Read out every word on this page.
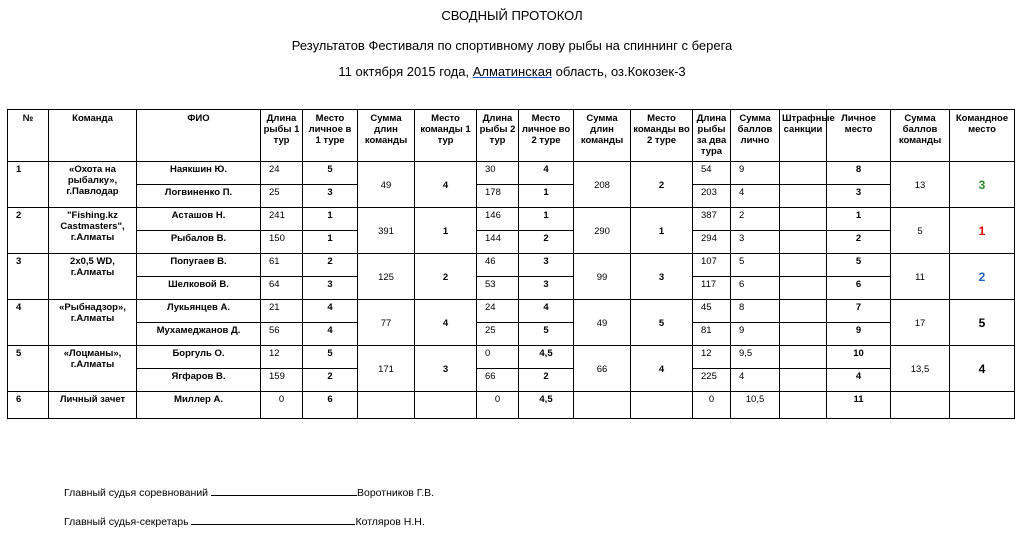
СВОДНЫЙ ПРОТОКОЛ
Результатов Фестиваля по спортивному лову рыбы на спиннинг с берега
11 октября 2015 года, Алматинская область, оз.Кокозек-3
№	Команда	ФИО	Длина рыбы 1 тур	Место личное в 1 туре	Сумма длин команды	Место команды 1 тур	Длина рыбы 2 тур	Место личное во 2 туре	Сумма длин команды	Место команды во 2 туре	Длина рыбы за два тура	Сумма баллов лично	Штрафные санкции	Личное место	Сумма баллов команды	Командное место
1	«Охота на рыбалку», г.Павлодар	Наякшин Ю.	24	5	49	4	30	4	208	2	54	9		8	13	3
		Логвиненко П.	25	3			178	1			203	4		3		
2	"Fishing.kz Castmasters", г.Алматы	Асташов Н.	241	1	391	1	146	1	290	1	387	2		1	5	1
		Рыбалов В.	150	1			144	2			294	3		2		
3	2x0,5 WD, г.Алматы	Попугаев В.	61	2	125	2	46	3	99	3	107	5		5	11	2
		Шелковой В.	64	3			53	3			117	6		6		
4	«Рыбнадзор», г.Алматы	Лукьянцев А.	21	4	77	4	24	4	49	5	45	8		7	17	5
		Мухамеджанов Д.	56	4			25	5			81	9		9		
5	«Лоцманы», г.Алматы	Боргуль О.	12	5	171	3	0	4,5	66	4	12	9,5		10	13,5	4
		Ягфаров В.	159	2			66	2			225	4		4		
6	Личный зачет	Миллер А.	0	6			0	4,5			0	10,5		11		
Главный судья соревнований	Воротников Г.В.
Главный судья-секретарь	Котляров Н.Н.
